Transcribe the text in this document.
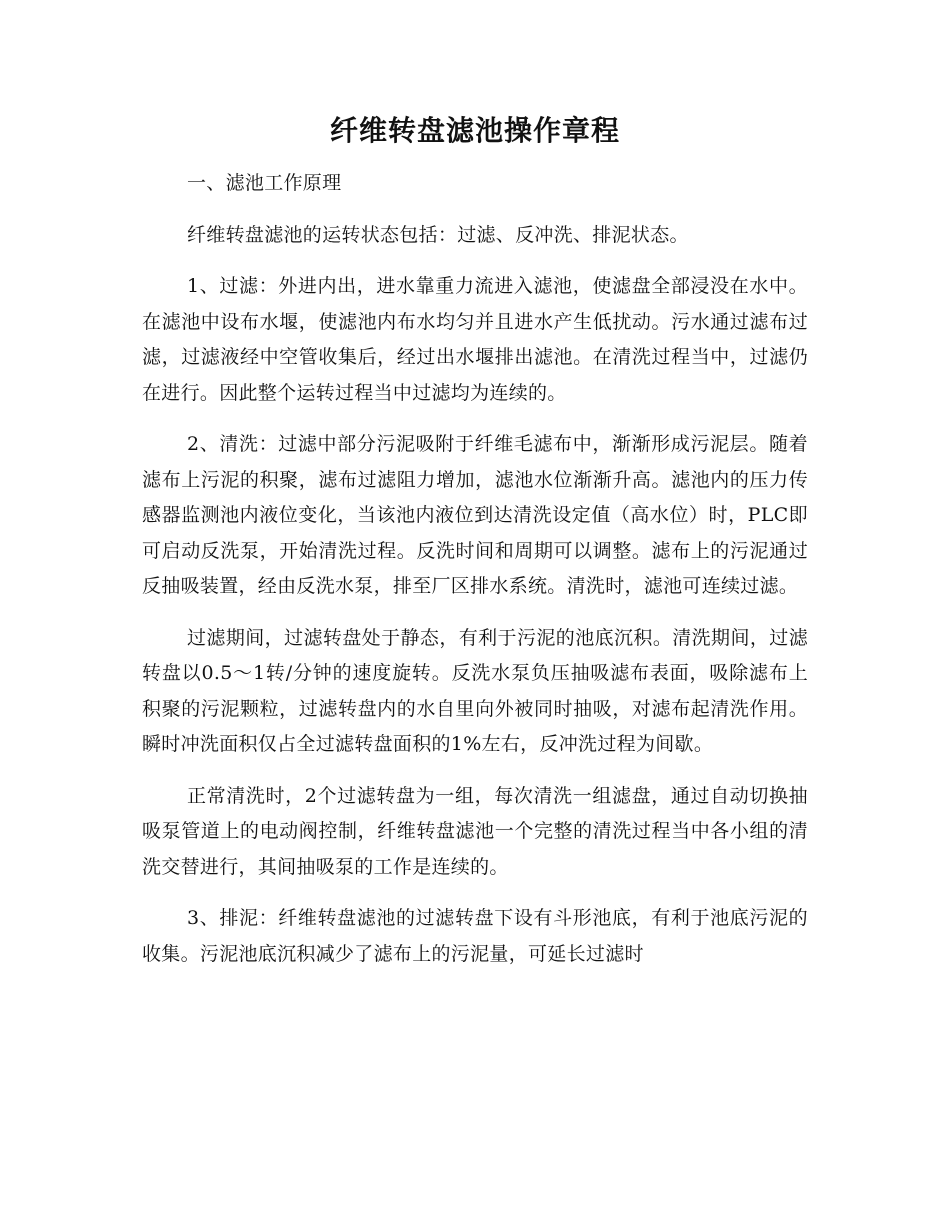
纤维转盘滤池操作章程

一、滤池工作原理

纤维转盘滤池的运转状态包括：过滤、反冲洗、排泥状态。

1、过滤：外进内出，进水靠重力流进入滤池，使滤盘全部浸没在水中。在滤池中设布水堰，使滤池内布水均匀并且进水产生低扰动。污水通过滤布过滤，过滤液经中空管收集后，经过出水堰排出滤池。在清洗过程当中，过滤仍在进行。因此整个运转过程当中过滤均为连续的。

2、清洗：过滤中部分污泥吸附于纤维毛滤布中，渐渐形成污泥层。随着滤布上污泥的积聚，滤布过滤阻力增加，滤池水位渐渐升高。滤池内的压力传感器监测池内液位变化，当该池内液位到达清洗设定值（高水位）时，PLC即可启动反洗泵，开始清洗过程。反洗时间和周期可以调整。滤布上的污泥通过反抽吸装置，经由反洗水泵，排至厂区排水系统。清洗时，滤池可连续过滤。

过滤期间，过滤转盘处于静态，有利于污泥的池底沉积。清洗期间，过滤转盘以0.5～1转/分钟的速度旋转。反洗水泵负压抽吸滤布表面，吸除滤布上积聚的污泥颗粒，过滤转盘内的水自里向外被同时抽吸，对滤布起清洗作用。瞬时冲洗面积仅占全过滤转盘面积的1%左右，反冲洗过程为间歇。

正常清洗时，2个过滤转盘为一组，每次清洗一组滤盘，通过自动切换抽吸泵管道上的电动阀控制，纤维转盘滤池一个完整的清洗过程当中各小组的清洗交替进行，其间抽吸泵的工作是连续的。

3、排泥：纤维转盘滤池的过滤转盘下设有斗形池底，有利于池底污泥的收集。污泥池底沉积减少了滤布上的污泥量，可延长过滤时
